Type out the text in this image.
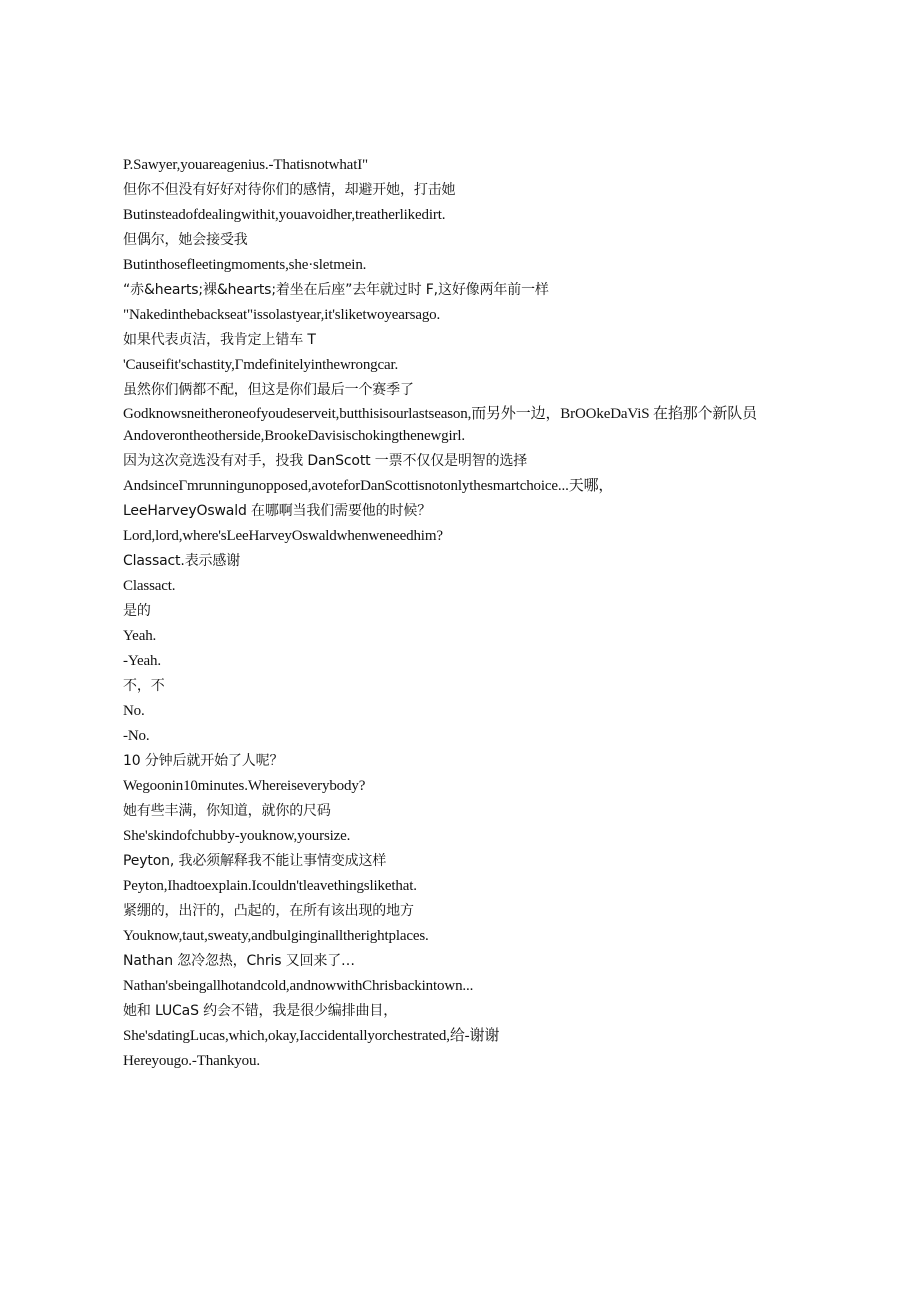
P.Sawyer,youareagenius.-ThatisnotwhatI"
但你不但没有好好对待你们的感情，却避开她，打击她
Butinsteadofdealingwithit,youavoidher,treatherlikedirt.
但偶尔，她会接受我
Butinthosefleetingmoments,she·sletmein.
“赤&hearts;裸&hearts;着坐在后座”去年就过时 F,这好像两年前一样
"Nakedinthebackseat"issolastyear,it'sliketwoyearsago.
如果代表贞洁，我肯定上错车 T
'Causeifit'schastity,Γmdefinitelyinthewrongcar.
虽然你们俩都不配，但这是你们最后一个赛季了
Godknowsneitheroneofyoudeserveit,butthisisourlastseason,而另外一边，BrOOkeDaViS 在掐那个新队员
Andoverontheotherside,BrookeDavisischokingthenewgirl.
因为这次竞选没有对手，投我 DanScott 一票不仅仅是明智的选择
AndsinceΓmrunningunopposed,avoteforDanScottisnotonlythesmartchoice...天哪，
LeeHarveyOswald 在哪啊当我们需要他的时候？
Lord,lord,where'sLeeHarveyOswaldwhenweneedhim?
Classact.表示感谢
Classact.
是的
Yeah.
-Yeah.
不，不
No.
-No.
10 分钟后就开始了人呢？
Wegoonin10minutes.Whereiseverybody?
她有些丰满，你知道，就你的尺码
She'skindofchubby-youknow,yoursize.
Peyton, 我必须解释我不能让事情变成这样
Peyton,Ihadtoexplain.Icouldn'tleavethingslikethat.
紧绷的，出汗的，凸起的，在所有该出现的地方
Youknow,taut,sweaty,andbulginginalltherightplaces.
Nathan 忽冷忽热，Chris 又回来了…
Nathan'sbeingallhotandcold,andnowwithChrisbackintown...
她和 LUCaS 约会不错，我是很少编排曲目，
She'sdatingLucas,which,okay,Iaccidentallyorchestrated,给-谢谢
Hereyougo.-Thankyou.
